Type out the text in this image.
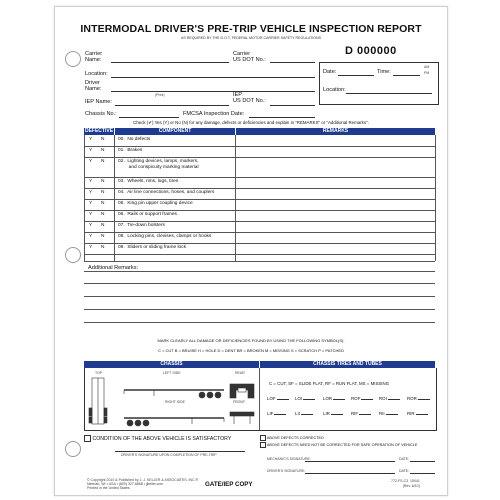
INTERMODAL DRIVER'S PRE-TRIP VEHICLE INSPECTION REPORT
AS REQUIRED BY THE D.O.T. FEDERAL MOTOR CARRIER SAFETY REGULATIONS
D 000000
Carrier
Name:
Carrier
US DOT No.:
Location:
Driver
Name:
(Print)
IEP Name:
IEP
US DOT No.:
Date:	Time:
AM
PM
Location:
Chassis No.:	FMCSA Inspection Date:
Check (✔) Yes (Y) or No (N) for any damage, defects or deficiencies and explain in "REMARKS" or "Additional Remarks".
DEFECTIVE	COMPONENT	REMARKS
Y N	00.  No defects
Y N	01.  Brakes
Y N	02.  Lighting devices, lamps, markers,
and conspicuity marking material
Y N	03.  Wheels, rims, lugs, tires
Y N	04.  Air line connections, hoses, and couplers
Y N	05.  King pin upper coupling device
Y N	06.  Rails or support frames
Y N	07.  Tie-down bolsters
Y N	08.  Locking pins, clevises, clamps or hooks
Y N	09.  Sliders or sliding frame lock
Additional Remarks:
MARK CLEARLY ALL DAMAGE OR DEFICIENCIES FOUND BY USING THE FOLLOWING SYMBOL(S):
C = CUT B = BRUISE H = HOLE D = DENT BR = BROKEN M = MISSING S = SCRATCH P = PATCHED
CHASSIS	CHASSIS TIRES AND TUBES
TOP	LEFT SIDE	REAR
RIGHT SIDE	FRONT
C = CUT, SF = SLIDE FLAT, RF = RUN FLAT, MS = MISSING
LOF	LOI	LOR	ROF	ROI	ROR
LIF	LII	LIR	RIF	RII	RIR
CONDITION OF THE ABOVE VEHICLE IS SATISFACTORY	ABOVE DEFECTS CORRECTED
ABOVE DEFECTS NEED NOT BE CORRECTED FOR SAFE OPERATION OF VEHICLE
DRIVER'S SIGNATURE UPON COMPLETION OF PRE-TRIP
MECHANIC'S SIGNATURE:	DATE:
DRIVER'S SIGNATURE:	DATE:
© Copyright 2010 & Published by J. J. KELLER & ASSOCIATES, INC.®
Neenah, WI • USA • (800) 327-6868 • jjkeller.com
Printed in the United States	GATE/IEP COPY	772-FS-C3  15041
(Rev. 6/10)
